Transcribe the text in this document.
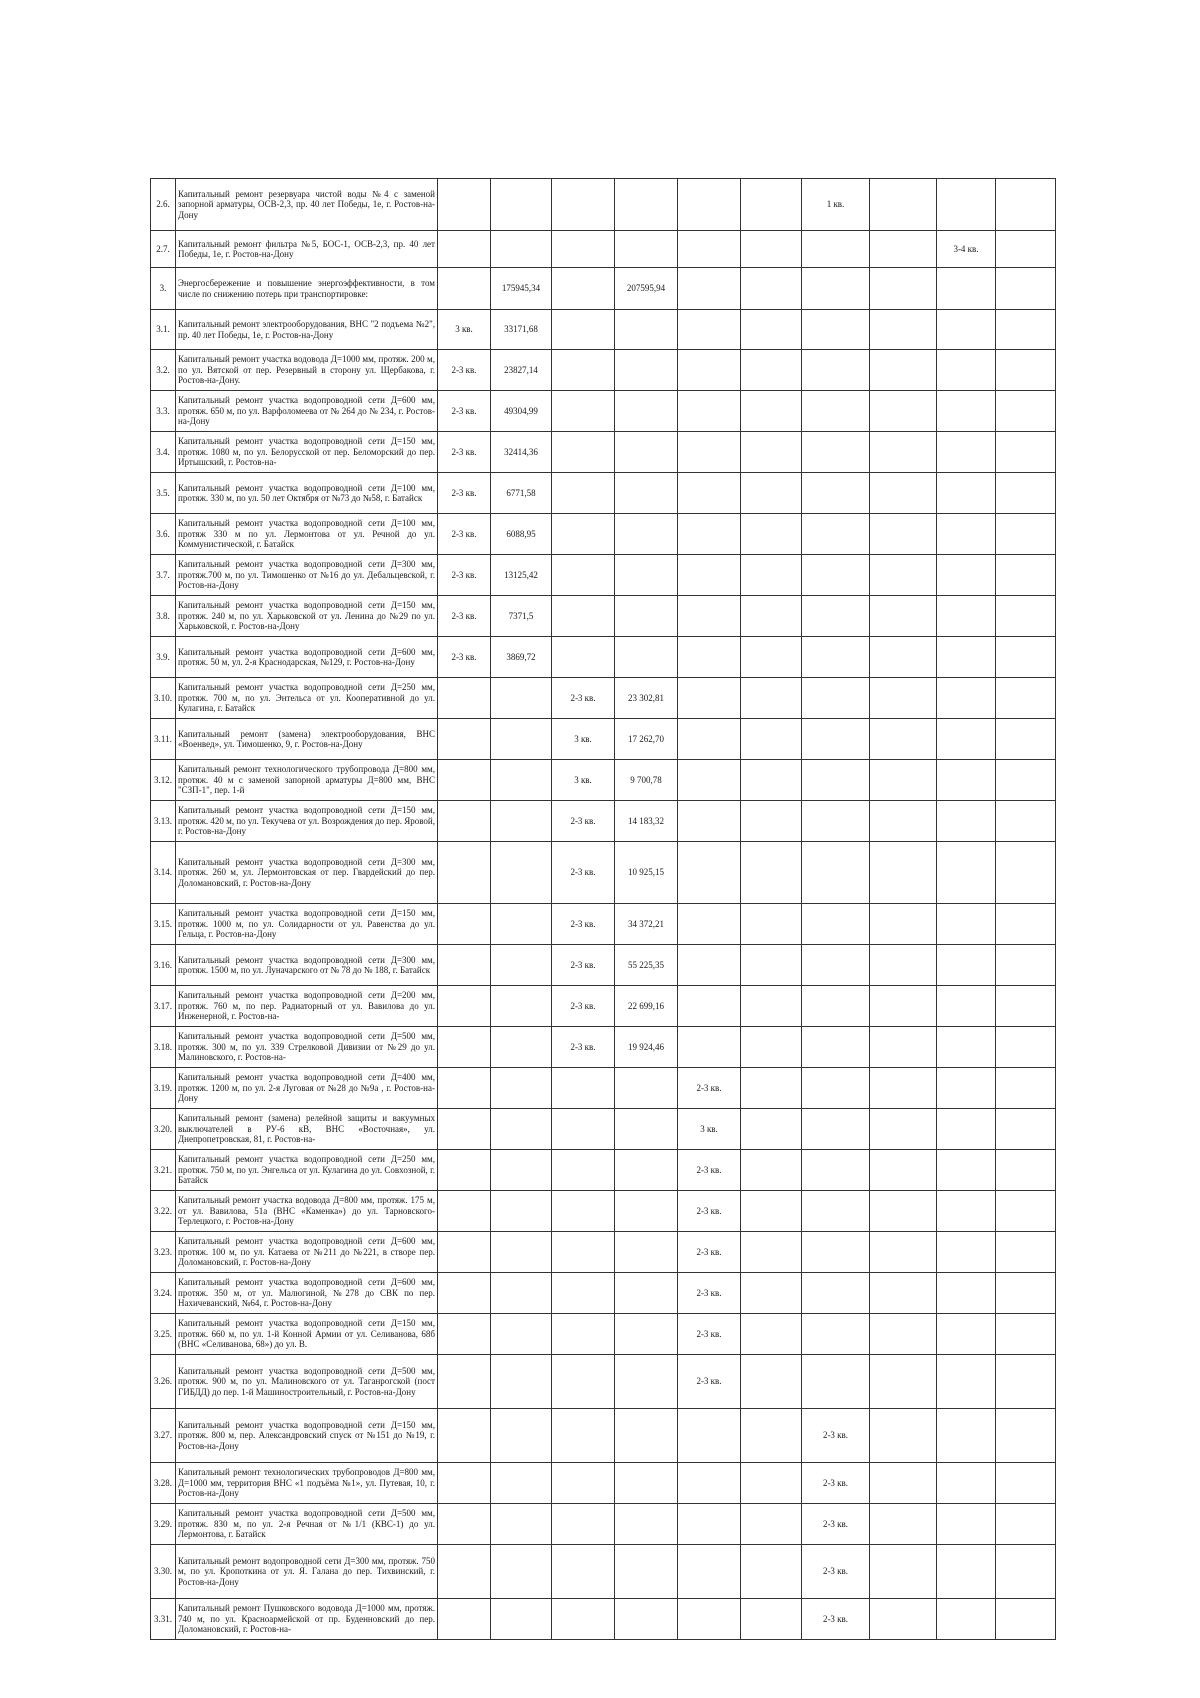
2.6.	Капитальный ремонт резервуара чистой воды №4 с заменой запорной арматуры, ОСВ-2,3, пр. 40 лет Победы, 1е, г. Ростов-на-Дону							1 кв.			
2.7.	Капитальный ремонт фильтра №5, БОС-1, ОСВ-2,3, пр. 40 лет Победы, 1е, г. Ростов-на-Дону									3-4 кв.	
3.	Энергосбережение и повышение энергоэффективности, в том числе по снижению потерь при транспортировке:		175945,34		207595,94						
3.1.	Капитальный ремонт электрооборудования, ВНС "2 подъема №2", пр. 40 лет Победы, 1е, г. Ростов-на-Дону	3 кв.	33171,68								
3.2.	Капитальный ремонт участка водовода Д=1000 мм, протяж. 200 м, по ул. Вятской от пер. Резервный в сторону ул. Щербакова, г. Ростов-на-Дону.	2-3 кв.	23827,14								
3.3.	Капитальный ремонт участка водопроводной сети Д=600 мм, протяж. 650 м, по ул. Варфоломеева от № 264 до № 234, г. Ростов-на-Дону	2-3 кв.	49304,99								
3.4.	Капитальный ремонт участка водопроводной сети Д=150 мм, протяж. 1080 м, по ул. Белорусской от пер. Беломорский до пер. Иртышский, г. Ростов-на-	2-3 кв.	32414,36								
3.5.	Капитальный ремонт участка водопроводной сети Д=100 мм, протяж. 330 м, по ул. 50 лет Октября от №73 до №58, г. Батайск	2-3 кв.	6771,58								
3.6.	Капитальный ремонт участка водопроводной сети Д=100 мм, протяж 330 м по ул. Лермонтова от ул. Речной до ул. Коммунистической, г. Батайск	2-3 кв.	6088,95								
3.7.	Капитальный ремонт участка водопроводной сети Д=300 мм, протяж.700 м, по ул. Тимошенко от №16 до ул. Дебальцевской, г. Ростов-на-Дону	2-3 кв.	13125,42								
3.8.	Капитальный ремонт участка водопроводной сети Д=150 мм, протяж. 240 м, по ул. Харьковской от ул. Ленина до №29 по ул. Харьковской, г. Ростов-на-Дону	2-3 кв.	7371,5								
3.9.	Капитальный ремонт участка водопроводной сети Д=600 мм, протяж. 50 м, ул. 2-я Краснодарская, №129, г. Ростов-на-Дону	2-3 кв.	3869,72								
3.10.	Капитальный ремонт участка водопроводной сети Д=250 мм, протяж. 700 м, по ул. Энтельса от ул. Кооперативной до ул. Кулагина, г. Батайск			2-3 кв.	23 302,81						
3.11.	Капитальный ремонт (замена) электрооборудования, ВНС «Военвед», ул. Тимошенко, 9, г. Ростов-на-Дону			3 кв.	17 262,70						
3.12.	Капитальный ремонт технологического трубопровода Д=800 мм, протяж. 40 м с заменой запорной арматуры Д=800 мм, ВНС "СЗП-1", пер. 1-й			3 кв.	9 700,78						
3.13.	Капитальный ремонт участка водопроводной сети Д=150 мм, протяж. 420 м, по ул. Текучева от ул. Возрождения до пер. Яровой, г. Ростов-на-Дону			2-3 кв.	14 183,32						
3.14.	Капитальный ремонт участка водопроводной сети Д=300 мм, протяж. 260 м, ул. Лермонтовская от пер. Гвардейский до пер. Доломановский, г. Ростов-на-Дону			2-3 кв.	10 925,15						
3.15.	Капитальный ремонт участка водопроводной сети Д=150 мм, протяж. 1000 м, по ул. Солидарности от ул. Равенства до ул. Гельца, г. Ростов-на-Дону			2-3 кв.	34 372,21						
3.16.	Капитальный ремонт участка водопроводной сети Д=300 мм, протяж. 1500 м, по ул. Луначарского от № 78 до № 188, г. Батайск			2-3 кв.	55 225,35						
3.17.	Капитальный ремонт участка водопроводной сети Д=200 мм, протяж. 760 м, по пер. Радиаторный от ул. Вавилова до ул. Инженерной, г. Ростов-на-			2-3 кв.	22 699,16						
3.18.	Капитальный ремонт участка водопроводной сети Д=500 мм, протяж. 300 м, по ул. 339 Стрелковой Дивизии от №29 до ул. Малиновского, г. Ростов-на-			2-3 кв.	19 924,46						
3.19.	Капитальный ремонт участка водопроводной сети Д=400 мм, протяж. 1200 м, по ул. 2-я Луговая от №28 до №9а , г. Ростов-на-Дону					2-3 кв.					
3.20.	Капитальный ремонт (замена) релейной защиты и вакуумных выключателей в РУ-6 кВ, ВНС «Восточная», ул. Днепропетровская, 81, г. Ростов-на-					3 кв.					
3.21.	Капитальный ремонт участка водопроводной сети Д=250 мм, протяж. 750 м, по ул. Энгельса от ул. Кулагина до ул. Совхозной, г. Батайск					2-3 кв.					
3.22.	Капитальный ремонт участка водовода Д=800 мм, протяж. 175 м, от ул. Вавилова, 51а (ВНС «Каменка») до ул. Тарновского-Терлецкого, г. Ростов-на-Дону					2-3 кв.					
3.23.	Капитальный ремонт участка водопроводной сети Д=600 мм, протяж. 100 м, по ул. Катаева от №211 до №221, в створе пер. Доломановский, г. Ростов-на-Дону					2-3 кв.					
3.24.	Капитальный ремонт участка водопроводной сети Д=600 мм, протяж. 350 м, от ул. Малюгиной, №278 до СВК по пер. Нахичеванский, №64, г. Ростов-на-Дону					2-3 кв.					
3.25.	Капитальный ремонт участка водопроводной сети Д=150 мм, протяж. 660 м, по ул. 1-й Конной Армии от ул. Селиванова, 68б (ВНС «Селиванова, 68») до ул. В.					2-3 кв.					
3.26.	Капитальный ремонт участка водопроводной сети Д=500 мм, протяж. 900 м, по ул. Малиновского от ул. Таганрогской (пост ГИБДД) до пер. 1-й Машиностроительный, г. Ростов-на-Дону					2-3 кв.					
3.27.	Капитальный ремонт участка водопроводной сети Д=150 мм, протяж. 800 м, пер. Александровский спуск от №151 до №19, г. Ростов-на-Дону							2-3 кв.			
3.28.	Капитальный ремонт технологических трубопроводов Д=800 мм, Д=1000 мм, территория ВНС «1 подъёма №1», ул. Путевая, 10, г. Ростов-на-Дону							2-3 кв.			
3.29.	Капитальный ремонт участка водопроводной сети Д=500 мм, протяж. 830 м, по ул. 2-я Речная от №1/1 (КВС-1) до ул. Лермонтова, г. Батайск							2-3 кв.			
3.30.	Капитальный ремонт водопроводной сети Д=300 мм, протяж. 750 м, по ул. Кропоткина от ул. Я. Галана до пер. Тихвинский, г. Ростов-на-Дону							2-3 кв.			
3.31.	Капитальный ремонт Пушковского водовода Д=1000 мм, протяж. 740 м, по ул. Красноармейской от пр. Буденновский до пер. Доломановский, г. Ростов-на-							2-3 кв.			
